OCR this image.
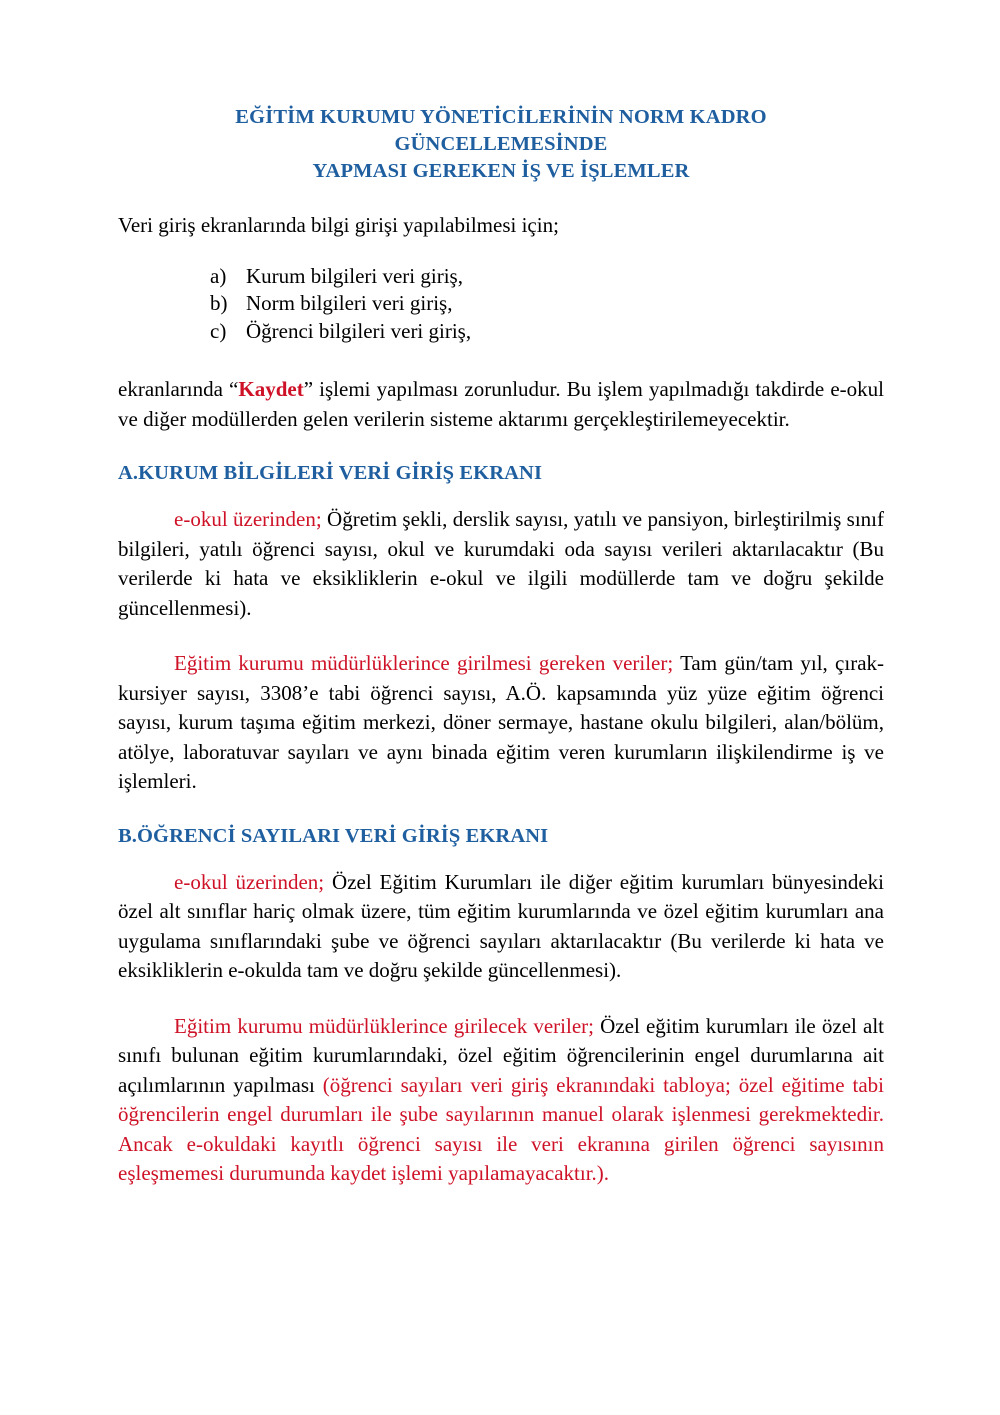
EĞİTİM KURUMU YÖNETİCİLERİNİN NORM KADRO GÜNCELLEMESİNDE
YAPMASI GEREKEN İŞ VE İŞLEMLER

Veri giriş ekranlarında bilgi girişi yapılabilmesi için;

a) Kurum bilgileri veri giriş,
b) Norm bilgileri veri giriş,
c) Öğrenci bilgileri veri giriş,

ekranlarında “Kaydet” işlemi yapılması zorunludur. Bu işlem yapılmadığı takdirde e-okul ve diğer modüllerden gelen verilerin sisteme aktarımı gerçekleştirilemeyecektir.

A.KURUM BİLGİLERİ VERİ GİRİŞ EKRANI

e-okul üzerinden; Öğretim şekli, derslik sayısı, yatılı ve pansiyon, birleştirilmiş sınıf bilgileri, yatılı öğrenci sayısı, okul ve kurumdaki oda sayısı verileri aktarılacaktır (Bu verilerde ki hata ve eksikliklerin e-okul ve ilgili modüllerde tam ve doğru şekilde güncellenmesi).

Eğitim kurumu müdürlüklerince girilmesi gereken veriler; Tam gün/tam yıl, çırak-kursiyer sayısı, 3308’e tabi öğrenci sayısı, A.Ö. kapsamında yüz yüze eğitim öğrenci sayısı, kurum taşıma eğitim merkezi, döner sermaye, hastane okulu bilgileri, alan/bölüm, atölye, laboratuvar sayıları ve aynı binada eğitim veren kurumların ilişkilendirme iş ve işlemleri.

B.ÖĞRENCİ SAYILARI VERİ GİRİŞ EKRANI

e-okul üzerinden; Özel Eğitim Kurumları ile diğer eğitim kurumları bünyesindeki özel alt sınıflar hariç olmak üzere, tüm eğitim kurumlarında ve özel eğitim kurumları ana uygulama sınıflarındaki şube ve öğrenci sayıları aktarılacaktır (Bu verilerde ki hata ve eksikliklerin e-okulda tam ve doğru şekilde güncellenmesi).

Eğitim kurumu müdürlüklerince girilecek veriler; Özel eğitim kurumları ile özel alt sınıfı bulunan eğitim kurumlarındaki, özel eğitim öğrencilerinin engel durumlarına ait açılımlarının yapılması (öğrenci sayıları veri giriş ekranındaki tabloya; özel eğitime tabi öğrencilerin engel durumları ile şube sayılarının manuel olarak işlenmesi gerekmektedir. Ancak e-okuldaki kayıtlı öğrenci sayısı ile veri ekranına girilen öğrenci sayısının eşleşmemesi durumunda kaydet işlemi yapılamayacaktır.).
